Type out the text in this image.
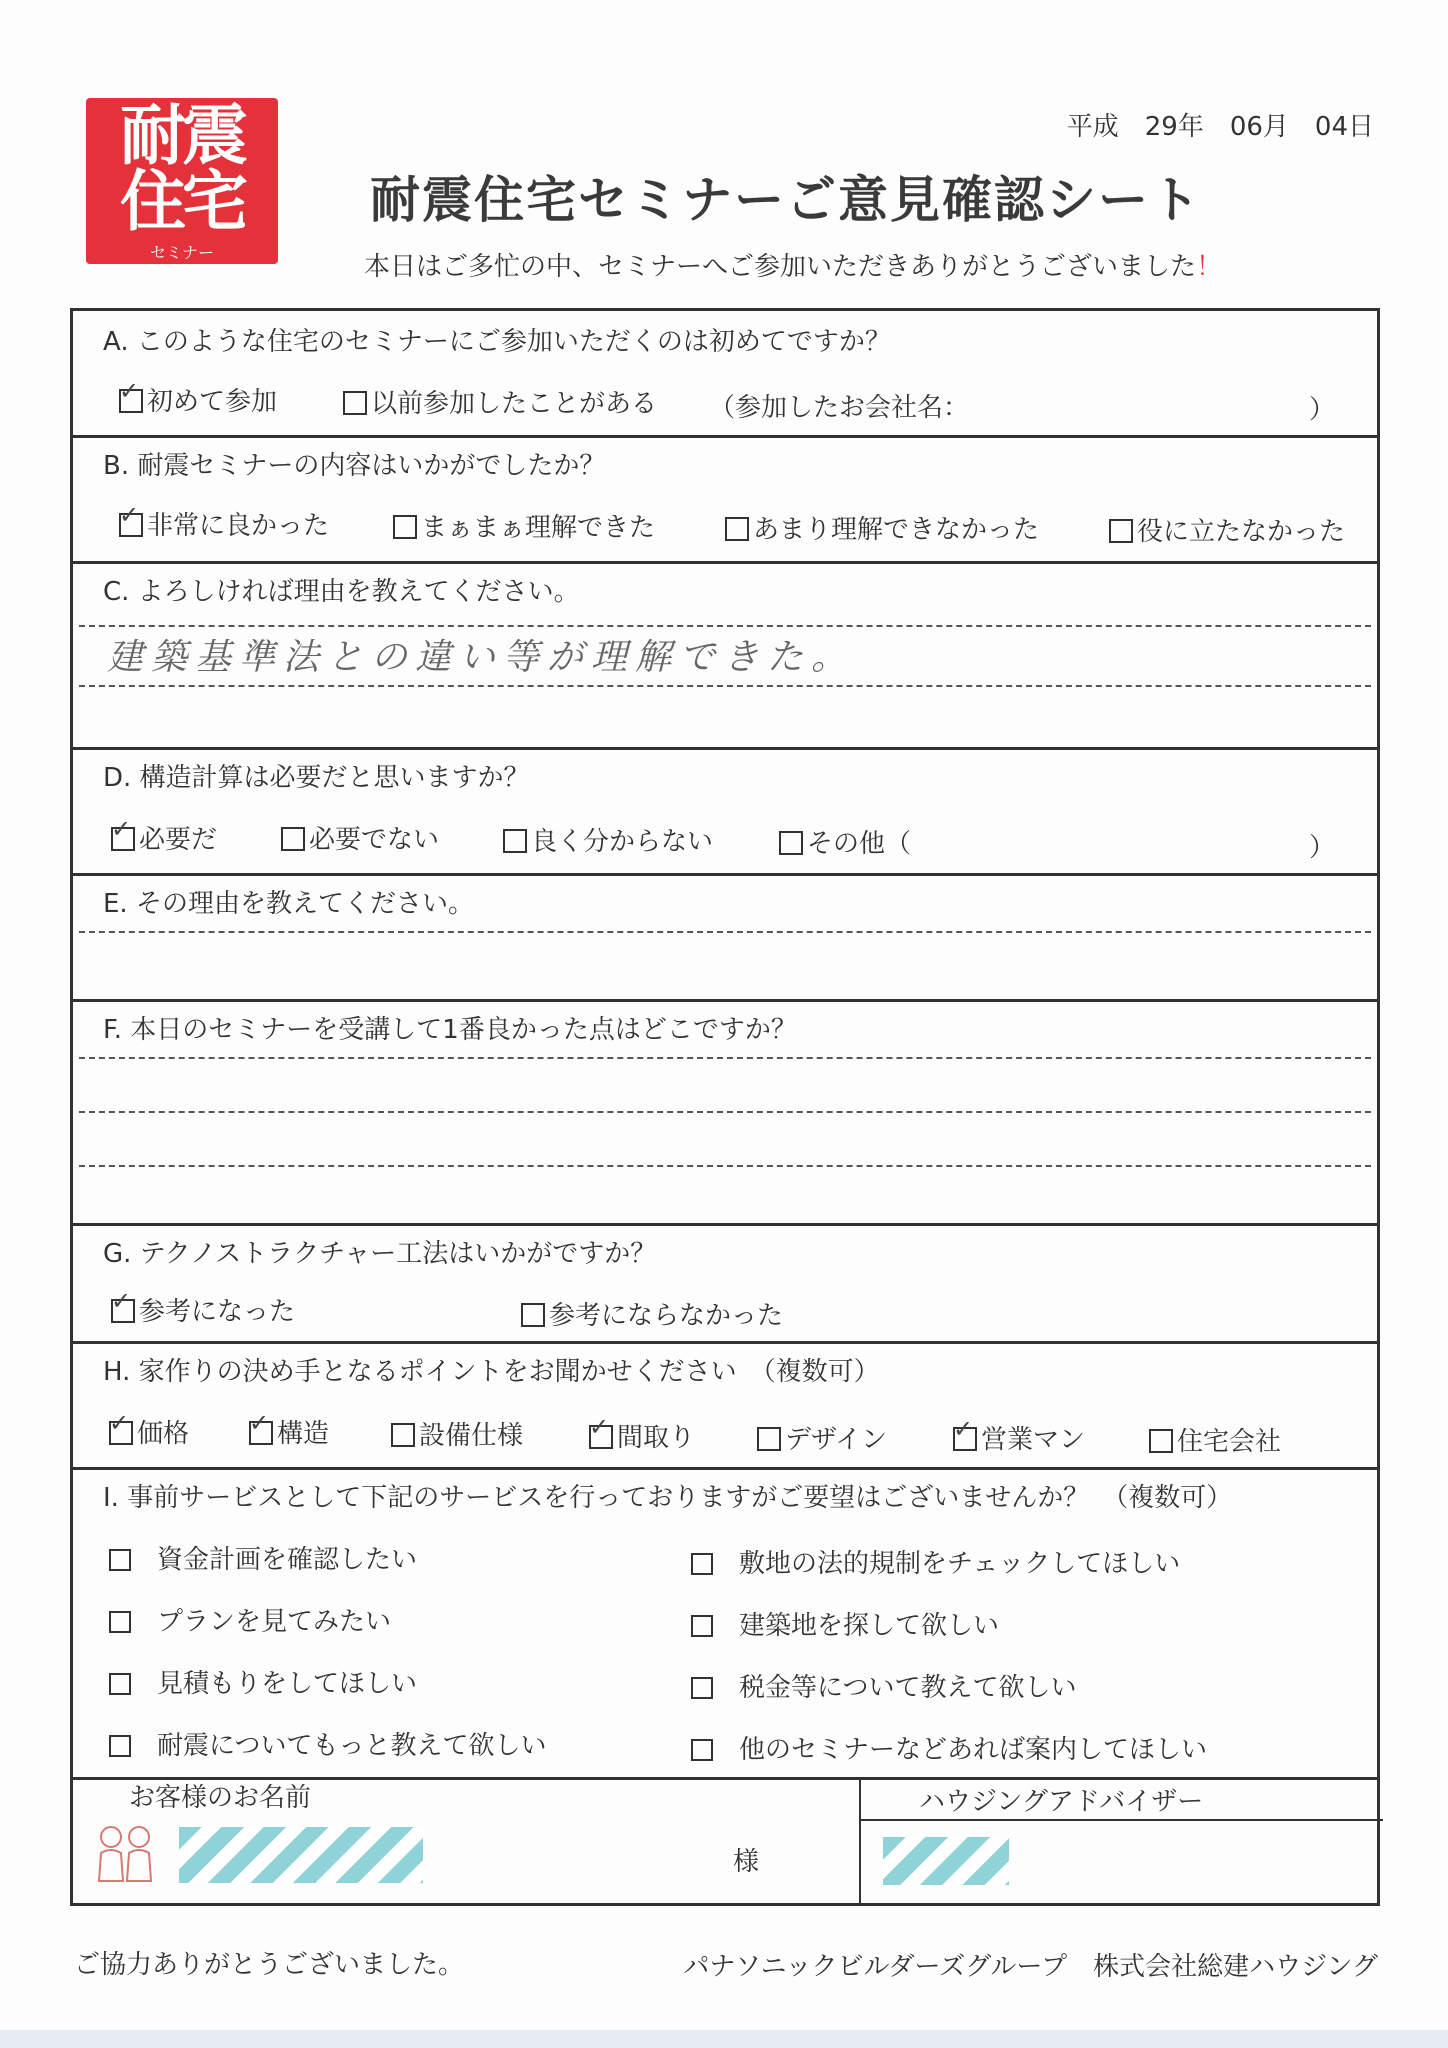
耐震
住宅
セミナー
平成　29年　06月　04日
耐震住宅セミナーご意見確認シート
本日はご多忙の中、セミナーへご参加いただきありがとうございました！
A. このような住宅のセミナーにご参加いただくのは初めてですか？
✓初めて参加	以前参加したことがある （参加したお会社名：	）
B. 耐震セミナーの内容はいかがでしたか？
✓非常に良かった	まぁまぁ理解できた	あまり理解できなかった	役に立たなかった
C. よろしければ理由を教えてください。
建築基準法との違い等が理解できた。
D. 構造計算は必要だと思いますか？
✓必要だ	必要でない	良く分からない	その他（	）
E. その理由を教えてください。
F. 本日のセミナーを受講して1番良かった点はどこですか？
G. テクノストラクチャー工法はいかがですか？
✓参考になった	参考にならなかった
H. 家作りの決め手となるポイントをお聞かせください　 （複数可）
✓価格 ✓	構造	設備仕様 ✓	間取り	デザイン ✓	営業マン	住宅会社
I. 事前サービスとして下記のサービスを行っておりますがご要望はございませんか？　 （複数可）
資金計画を確認したい
プランを見てみたい
見積もりをしてほしい
耐震についてもっと教えて欲しい
敷地の法的規制をチェックしてほしい
建築地を探して欲しい
税金等について教えて欲しい
他のセミナーなどあれば案内してほしい
お客様のお名前	ハウジングアドバイザー
様
ご協力ありがとうございました。	パナソニックビルダーズグループ　 株式会社総建ハウジング
